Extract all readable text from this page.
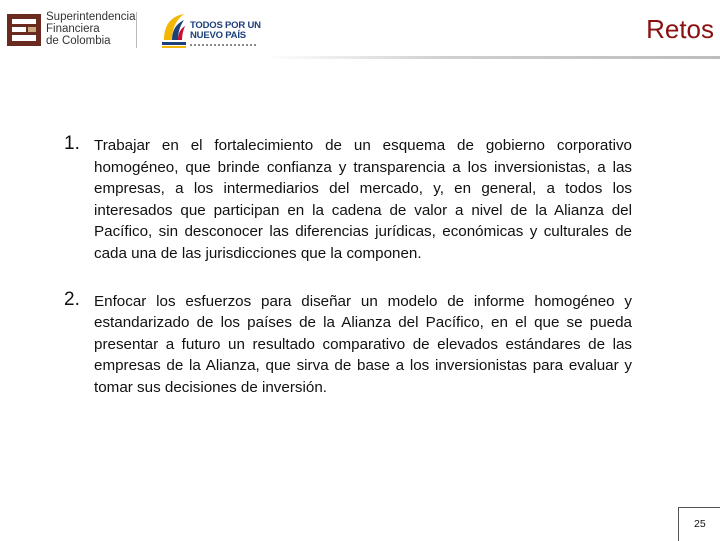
Superintendencia
Financiera
de Colombia
TODOS POR UN
NUEVO PAÍS	Retos
1. Trabajar en el fortalecimiento de un esquema de gobierno corporativo homogéneo, que brinde confianza y transparencia a los inversionistas, a las empresas, a los intermediarios del mercado, y, en general, a todos los interesados que participan en la cadena de valor a nivel de la Alianza del Pacífico, sin desconocer las diferencias jurídicas, económicas y culturales de cada una de las jurisdicciones que la componen.
2. Enfocar los esfuerzos para diseñar un modelo de informe homogéneo y estandarizado de los países de la Alianza del Pacífico, en el que se pueda presentar a futuro un resultado comparativo de elevados estándares de las empresas de la Alianza, que sirva de base a los inversionistas para evaluar y tomar sus decisiones de inversión.
25
